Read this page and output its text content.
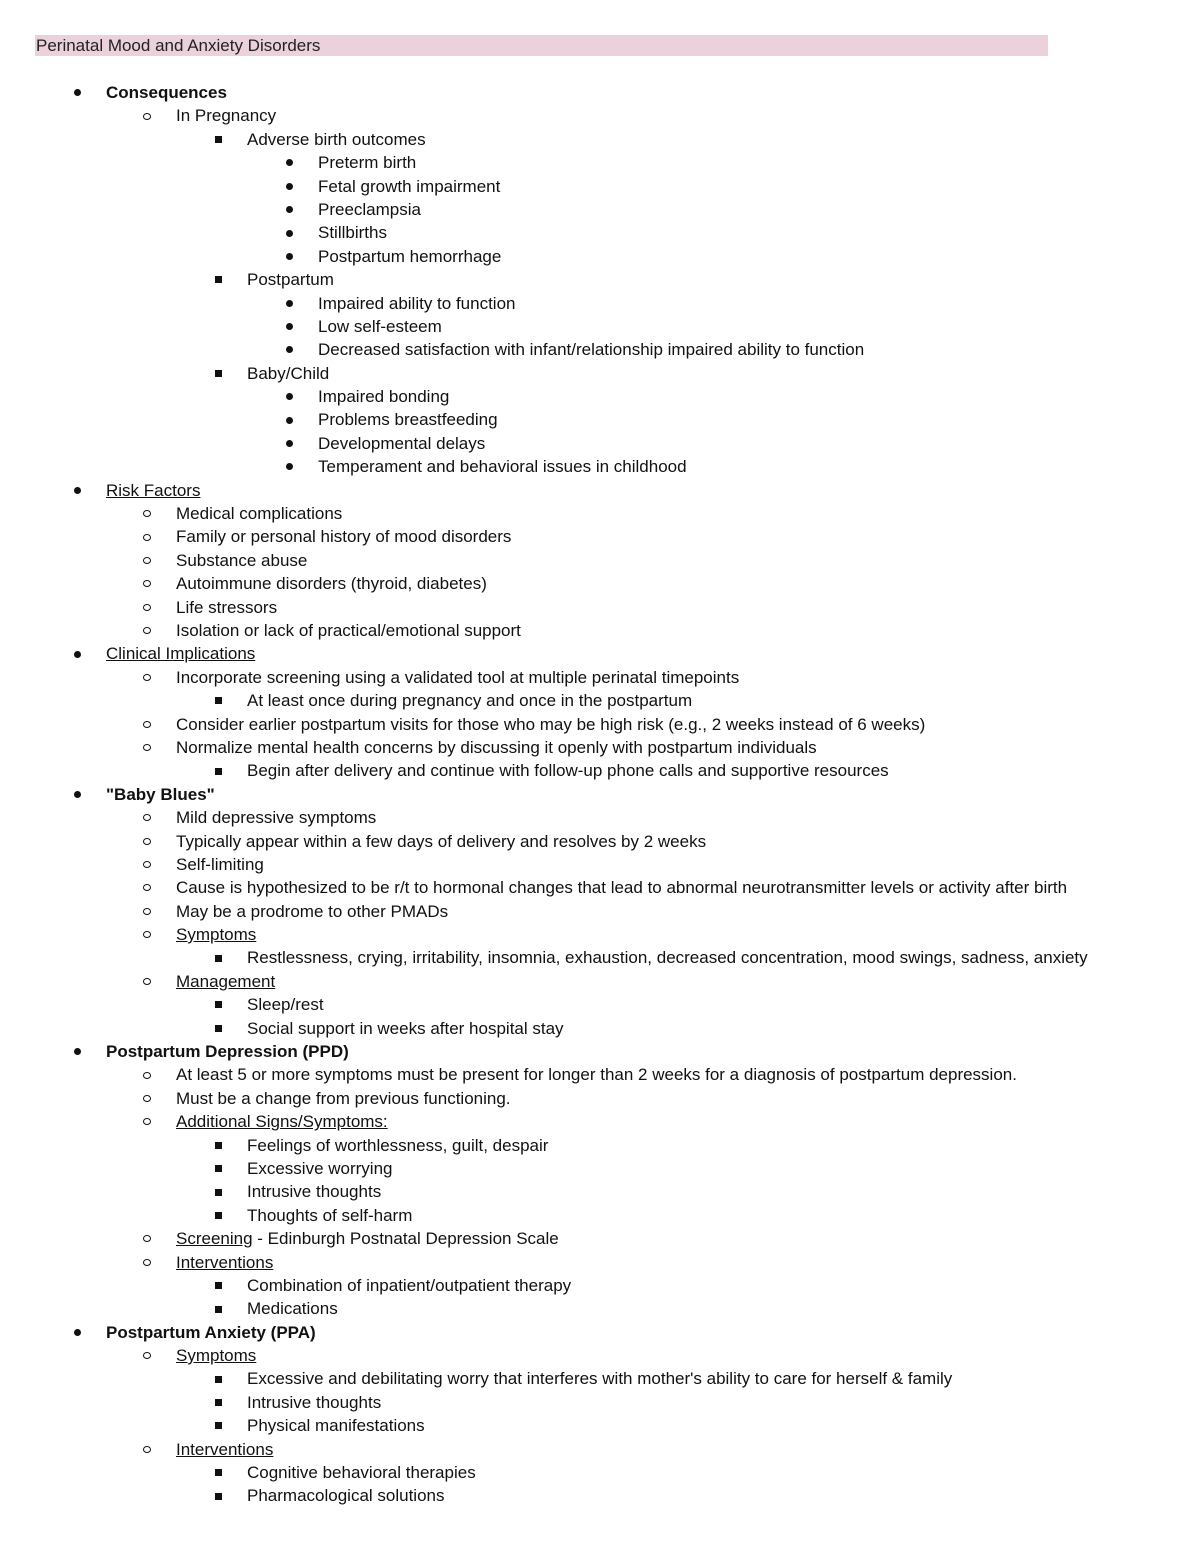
Perinatal Mood and Anxiety Disorders
Consequences
In Pregnancy
Adverse birth outcomes
Preterm birth
Fetal growth impairment
Preeclampsia
Stillbirths
Postpartum hemorrhage
Postpartum
Impaired ability to function
Low self-esteem
Decreased satisfaction with infant/relationship impaired ability to function
Baby/Child
Impaired bonding
Problems breastfeeding
Developmental delays
Temperament and behavioral issues in childhood
Risk Factors
Medical complications
Family or personal history of mood disorders
Substance abuse
Autoimmune disorders (thyroid, diabetes)
Life stressors
Isolation or lack of practical/emotional support
Clinical Implications
Incorporate screening using a validated tool at multiple perinatal timepoints
At least once during pregnancy and once in the postpartum
Consider earlier postpartum visits for those who may be high risk (e.g., 2 weeks instead of 6 weeks)
Normalize mental health concerns by discussing it openly with postpartum individuals
Begin after delivery and continue with follow-up phone calls and supportive resources
"Baby Blues"
Mild depressive symptoms
Typically appear within a few days of delivery and resolves by 2 weeks
Self-limiting
Cause is hypothesized to be r/t to hormonal changes that lead to abnormal neurotransmitter levels or activity after birth
May be a prodrome to other PMADs
Symptoms
Restlessness, crying, irritability, insomnia, exhaustion, decreased concentration, mood swings, sadness, anxiety
Management
Sleep/rest
Social support in weeks after hospital stay
Postpartum Depression (PPD)
At least 5 or more symptoms must be present for longer than 2 weeks for a diagnosis of postpartum depression.
Must be a change from previous functioning.
Additional Signs/Symptoms:
Feelings of worthlessness, guilt, despair
Excessive worrying
Intrusive thoughts
Thoughts of self-harm
Screening - Edinburgh Postnatal Depression Scale
Interventions
Combination of inpatient/outpatient therapy
Medications
Postpartum Anxiety (PPA)
Symptoms
Excessive and debilitating worry that interferes with mother's ability to care for herself & family
Intrusive thoughts
Physical manifestations
Interventions
Cognitive behavioral therapies
Pharmacological solutions
